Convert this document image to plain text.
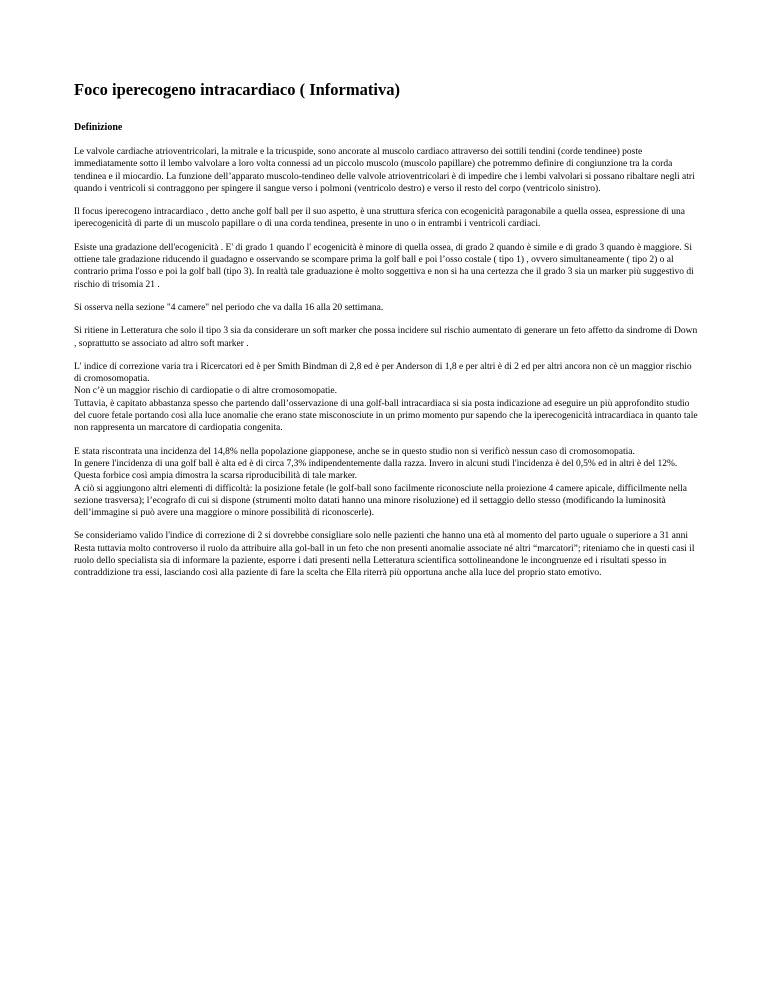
Foco iperecogeno intracardiaco ( Informativa)
Definizione

Le valvole cardiache atrioventricolari, la mitrale e la tricuspide, sono ancorate al muscolo cardiaco attraverso dei sottili tendini (corde tendinee) poste immediatamente sotto il lembo valvolare a loro volta connessi ad un piccolo muscolo (muscolo papillare) che potremmo definire di congiunzione tra la corda tendinea e il miocardio. La funzione dell’apparato muscolo-tendineo delle valvole atrioventricolari è di impedire che i lembi valvolari si possano ribaltare negli atri quando i ventricoli si contraggono per spingere il sangue verso i polmoni (ventricolo destro) e verso il resto del corpo (ventricolo sinistro).

Il focus iperecogeno intracardiaco , detto anche golf ball per il suo aspetto, è una struttura sferica con ecogenicità paragonabile a quella ossea, espressione di una iperecogenicità di parte di un muscolo papillare o di una corda tendinea, presente in uno o in entrambi i ventricoli cardiaci.

Esiste una gradazione dell'ecogenicità . E' di grado 1 quando l' ecogenicità è minore di quella ossea, di grado 2 quando è simile e di grado 3 quando è maggiore. Si ottiene tale gradazione riducendo il guadagno e osservando se scompare prima la golf ball e poi l’osso costale ( tipo 1) , ovvero simultaneamente ( tipo 2) o al contrario prima l'osso e poi la golf ball (tipo 3). In realtà tale graduazione è molto soggettiva e non si ha una certezza che il grado 3 sia un marker più suggestivo di rischio di trisomia 21 .

Si osserva nella sezione "4 camere" nel periodo che va dalla 16 alla 20 settimana.

Si ritiene in Letteratura che solo il tipo 3 sia da considerare un soft marker che possa incidere sul rischio aumentato di generare un feto affetto da sindrome di Down , soprattutto se associato ad altro soft marker .

L' indice di correzione varia tra i Ricercatori ed è per Smith Bindman di 2,8 ed è per Anderson di 1,8 e per altri è di 2 ed per altri ancora non cè un maggior rischio di cromosomopatia.
Non c’è un maggior rischio di cardiopatie o di altre cromosomopatie.
Tuttavia, è capitato abbastanza spesso che partendo dall’osservazione di una golf-ball intracardiaca si sia posta indicazione ad eseguire un più approfondito studio del cuore fetale portando così alla luce anomalie che erano state misconosciute in un primo momento pur sapendo che la iperecogenicità intracardiaca in quanto tale non rappresenta un marcatore di cardiopatia congenita.

E stata riscontrata una incidenza del 14,8% nella popolazione giapponese, anche se in questo studio non si verificò nessun caso di cromosomopatia.
In genere l'incidenza di una golf ball è alta ed è di circa 7,3% indipendentemente dalla razza. Invero in alcuni studi l'incidenza è del 0,5% ed in altri è del 12%. Questa forbice così ampia dimostra la scarsa riproducibilità di tale marker.
A ciò si aggiungono altri elementi di difficoltà: la posizione fetale (le golf-ball sono facilmente riconosciute nella proiezione 4 camere apicale, difficilmente nella sezione trasversa); l’ecografo di cui si dispone (strumenti molto datati hanno una minore risoluzione) ed il settaggio dello stesso (modificando la luminosità dell’immagine si può avere una maggiore o minore possibilità di riconoscerle).

Se consideriamo valido l'indice di correzione di 2 si dovrebbe consigliare solo nelle pazienti che hanno una età al momento del parto uguale o superiore a 31 anni
Resta tuttavia molto controverso il ruolo da attribuire alla gol-ball in un feto che non presenti anomalie associate né altri “marcatori”; riteniamo che in questi casi il ruolo dello specialista sia di informare la paziente, esporre i dati presenti nella Letteratura scientifica sottolineandone le incongruenze ed i risultati spesso in contraddizione tra essi, lasciando così alla paziente di fare la scelta che Ella riterrà più opportuna anche alla luce del proprio stato emotivo.
